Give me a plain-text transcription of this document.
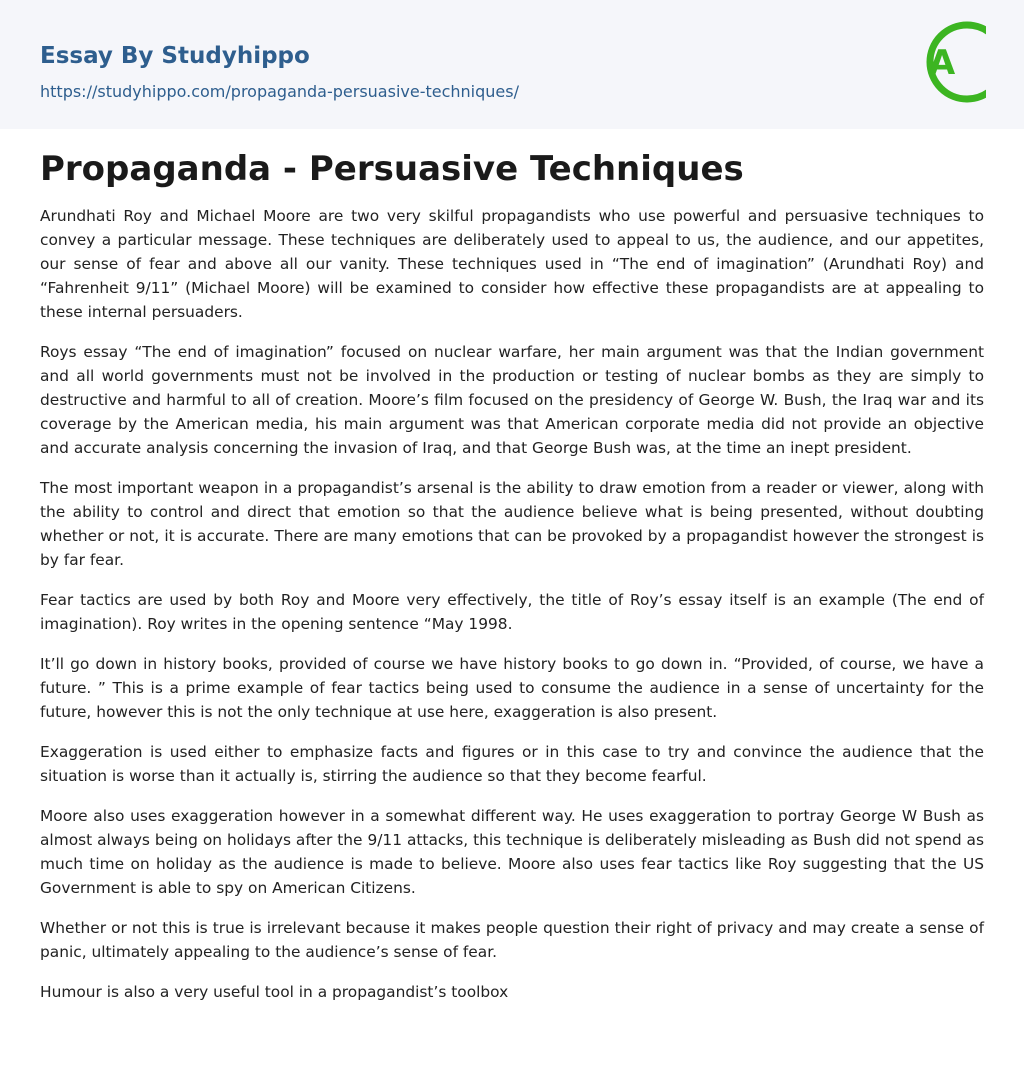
Essay By Studyhippo
https://studyhippo.com/propaganda-persuasive-techniques/
A
Propaganda - Persuasive Techniques

Arundhati Roy and Michael Moore are two very skilful propagandists who use powerful and persuasive techniques to convey a particular message. These techniques are deliberately used to appeal to us, the audience, and our appetites, our sense of fear and above all our vanity. These techniques used in “The end of imagination” (Arundhati Roy) and “Fahrenheit 9/11” (Michael Moore) will be examined to consider how effective these propagandists are at appealing to these internal persuaders.

Roys essay “The end of imagination” focused on nuclear warfare, her main argument was that the Indian government and all world governments must not be involved in the production or testing of nuclear bombs as they are simply to destructive and harmful to all of creation. Moore’s film focused on the presidency of George W. Bush, the Iraq war and its coverage by the American media, his main argument was that American corporate media did not provide an objective and accurate analysis concerning the invasion of Iraq, and that George Bush was, at the time an inept president.

The most important weapon in a propagandist’s arsenal is the ability to draw emotion from a reader or viewer, along with the ability to control and direct that emotion so that the audience believe what is being presented, without doubting whether or not, it is accurate. There are many emotions that can be provoked by a propagandist however the strongest is by far fear.

Fear tactics are used by both Roy and Moore very effectively, the title of Roy’s essay itself is an example (The end of imagination). Roy writes in the opening sentence “May 1998.

It’ll go down in history books, provided of course we have history books to go down in. “Provided, of course, we have a future. ” This is a prime example of fear tactics being used to consume the audience in a sense of uncertainty for the future, however this is not the only technique at use here, exaggeration is also present.

Exaggeration is used either to emphasize facts and figures or in this case to try and convince the audience that the situation is worse than it actually is, stirring the audience so that they become fearful.

Moore also uses exaggeration however in a somewhat different way. He uses exaggeration to portray George W Bush as almost always being on holidays after the 9/11 attacks, this technique is deliberately misleading as Bush did not spend as much time on holiday as the audience is made to believe. Moore also uses fear tactics like Roy suggesting that the US Government is able to spy on American Citizens.

Whether or not this is true is irrelevant because it makes people question their right of privacy and may create a sense of panic, ultimately appealing to the audience’s sense of fear.

Humour is also a very useful tool in a propagandist’s toolbox
